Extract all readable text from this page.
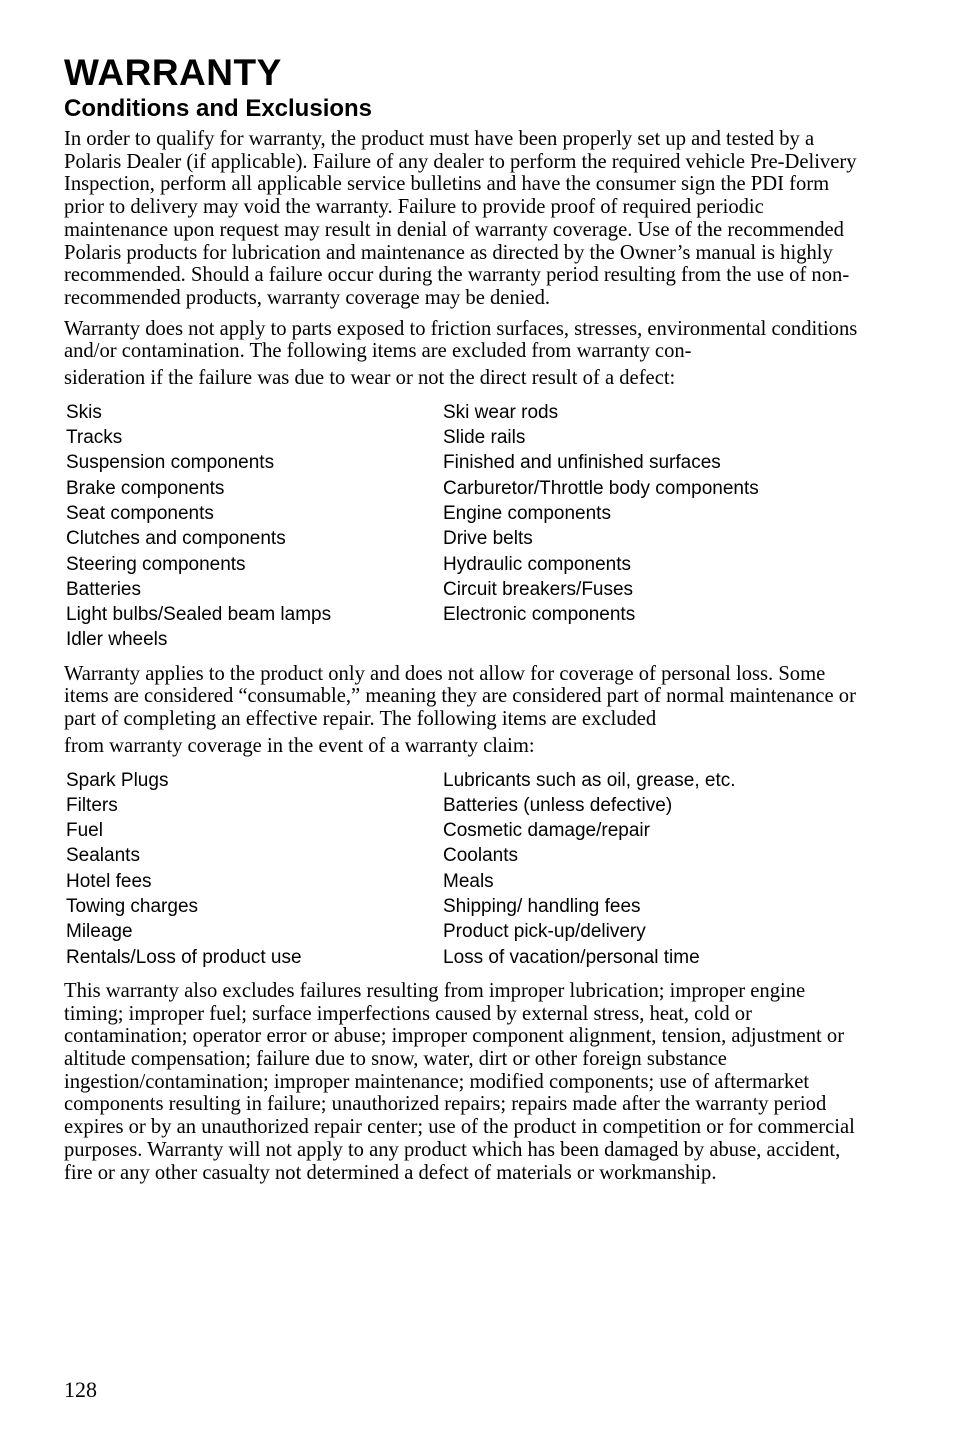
WARRANTY
Conditions and Exclusions

In order to qualify for warranty, the product must have been properly set up and tested by a Polaris Dealer (if applicable). Failure of any dealer to perform the required vehicle Pre-Delivery Inspection, perform all applicable service bulletins and have the consumer sign the PDI form prior to delivery may void the warranty. Failure to provide proof of required periodic maintenance upon request may result in denial of warranty coverage. Use of the recommended Polaris products for lubrication and maintenance as directed by the Owner’s manual is highly recommended. Should a failure occur during the warranty period resulting from the use of non-recommended products, warranty coverage may be denied.

Warranty does not apply to parts exposed to friction surfaces, stresses, environmental conditions and/or contamination. The following items are excluded from warranty con-
sideration if the failure was due to wear or not the direct result of a defect:

Skis	Ski wear rods
Tracks	Slide rails
Suspension components	Finished and unfinished surfaces
Brake components	Carburetor/Throttle body components
Seat components	Engine components
Clutches and components	Drive belts
Steering components	Hydraulic components
Batteries	Circuit breakers/Fuses
Light bulbs/Sealed beam lamps	Electronic components
Idler wheels

Warranty applies to the product only and does not allow for coverage of personal loss. Some items are considered “consumable,” meaning they are considered part of normal maintenance or part of completing an effective repair. The following items are excluded
from warranty coverage in the event of a warranty claim:

Spark Plugs	Lubricants such as oil, grease, etc.
Filters	Batteries (unless defective)
Fuel	Cosmetic damage/repair
Sealants	Coolants
Hotel fees	Meals
Towing charges	Shipping/ handling fees
Mileage	Product pick-up/delivery
Rentals/Loss of product use	Loss of vacation/personal time

This warranty also excludes failures resulting from improper lubrication; improper engine timing; improper fuel; surface imperfections caused by external stress, heat, cold or contamination; operator error or abuse; improper component alignment, tension, adjustment or altitude compensation; failure due to snow, water, dirt or other foreign substance ingestion/contamination; improper maintenance; modified components; use of aftermarket components resulting in failure; unauthorized repairs; repairs made after the warranty period expires or by an unauthorized repair center; use of the product in competition or for commercial purposes. Warranty will not apply to any product which has been damaged by abuse, accident, fire or any other casualty not determined a defect of materials or workmanship.

128
